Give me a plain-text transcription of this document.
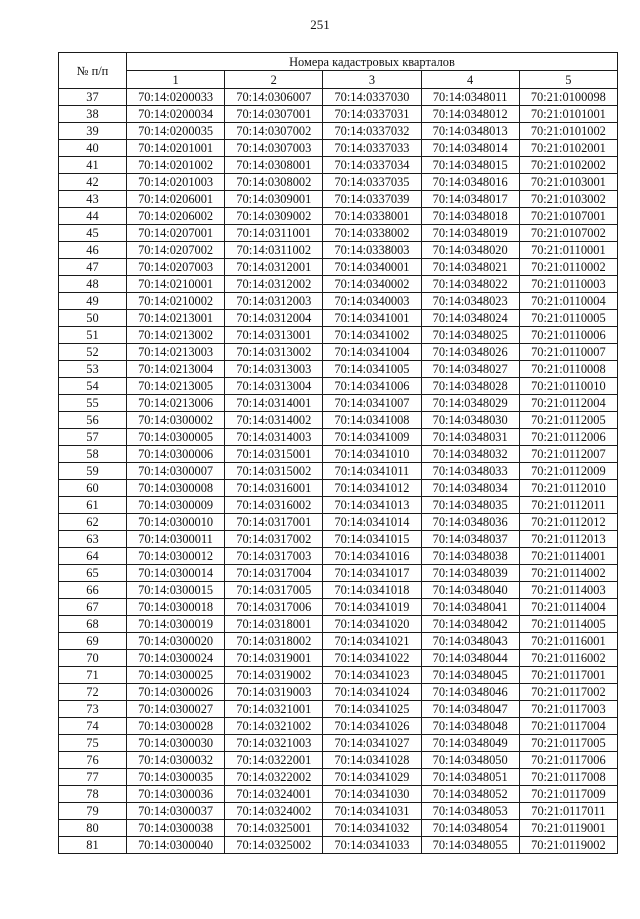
251
№ п/п	Номера кадастровых кварталов				
	1	2	3	4	5
37	70:14:0200033	70:14:0306007	70:14:0337030	70:14:0348011	70:21:0100098
38	70:14:0200034	70:14:0307001	70:14:0337031	70:14:0348012	70:21:0101001
39	70:14:0200035	70:14:0307002	70:14:0337032	70:14:0348013	70:21:0101002
40	70:14:0201001	70:14:0307003	70:14:0337033	70:14:0348014	70:21:0102001
41	70:14:0201002	70:14:0308001	70:14:0337034	70:14:0348015	70:21:0102002
42	70:14:0201003	70:14:0308002	70:14:0337035	70:14:0348016	70:21:0103001
43	70:14:0206001	70:14:0309001	70:14:0337039	70:14:0348017	70:21:0103002
44	70:14:0206002	70:14:0309002	70:14:0338001	70:14:0348018	70:21:0107001
45	70:14:0207001	70:14:0311001	70:14:0338002	70:14:0348019	70:21:0107002
46	70:14:0207002	70:14:0311002	70:14:0338003	70:14:0348020	70:21:0110001
47	70:14:0207003	70:14:0312001	70:14:0340001	70:14:0348021	70:21:0110002
48	70:14:0210001	70:14:0312002	70:14:0340002	70:14:0348022	70:21:0110003
49	70:14:0210002	70:14:0312003	70:14:0340003	70:14:0348023	70:21:0110004
50	70:14:0213001	70:14:0312004	70:14:0341001	70:14:0348024	70:21:0110005
51	70:14:0213002	70:14:0313001	70:14:0341002	70:14:0348025	70:21:0110006
52	70:14:0213003	70:14:0313002	70:14:0341004	70:14:0348026	70:21:0110007
53	70:14:0213004	70:14:0313003	70:14:0341005	70:14:0348027	70:21:0110008
54	70:14:0213005	70:14:0313004	70:14:0341006	70:14:0348028	70:21:0110010
55	70:14:0213006	70:14:0314001	70:14:0341007	70:14:0348029	70:21:0112004
56	70:14:0300002	70:14:0314002	70:14:0341008	70:14:0348030	70:21:0112005
57	70:14:0300005	70:14:0314003	70:14:0341009	70:14:0348031	70:21:0112006
58	70:14:0300006	70:14:0315001	70:14:0341010	70:14:0348032	70:21:0112007
59	70:14:0300007	70:14:0315002	70:14:0341011	70:14:0348033	70:21:0112009
60	70:14:0300008	70:14:0316001	70:14:0341012	70:14:0348034	70:21:0112010
61	70:14:0300009	70:14:0316002	70:14:0341013	70:14:0348035	70:21:0112011
62	70:14:0300010	70:14:0317001	70:14:0341014	70:14:0348036	70:21:0112012
63	70:14:0300011	70:14:0317002	70:14:0341015	70:14:0348037	70:21:0112013
64	70:14:0300012	70:14:0317003	70:14:0341016	70:14:0348038	70:21:0114001
65	70:14:0300014	70:14:0317004	70:14:0341017	70:14:0348039	70:21:0114002
66	70:14:0300015	70:14:0317005	70:14:0341018	70:14:0348040	70:21:0114003
67	70:14:0300018	70:14:0317006	70:14:0341019	70:14:0348041	70:21:0114004
68	70:14:0300019	70:14:0318001	70:14:0341020	70:14:0348042	70:21:0114005
69	70:14:0300020	70:14:0318002	70:14:0341021	70:14:0348043	70:21:0116001
70	70:14:0300024	70:14:0319001	70:14:0341022	70:14:0348044	70:21:0116002
71	70:14:0300025	70:14:0319002	70:14:0341023	70:14:0348045	70:21:0117001
72	70:14:0300026	70:14:0319003	70:14:0341024	70:14:0348046	70:21:0117002
73	70:14:0300027	70:14:0321001	70:14:0341025	70:14:0348047	70:21:0117003
74	70:14:0300028	70:14:0321002	70:14:0341026	70:14:0348048	70:21:0117004
75	70:14:0300030	70:14:0321003	70:14:0341027	70:14:0348049	70:21:0117005
76	70:14:0300032	70:14:0322001	70:14:0341028	70:14:0348050	70:21:0117006
77	70:14:0300035	70:14:0322002	70:14:0341029	70:14:0348051	70:21:0117008
78	70:14:0300036	70:14:0324001	70:14:0341030	70:14:0348052	70:21:0117009
79	70:14:0300037	70:14:0324002	70:14:0341031	70:14:0348053	70:21:0117011
80	70:14:0300038	70:14:0325001	70:14:0341032	70:14:0348054	70:21:0119001
81	70:14:0300040	70:14:0325002	70:14:0341033	70:14:0348055	70:21:0119002
